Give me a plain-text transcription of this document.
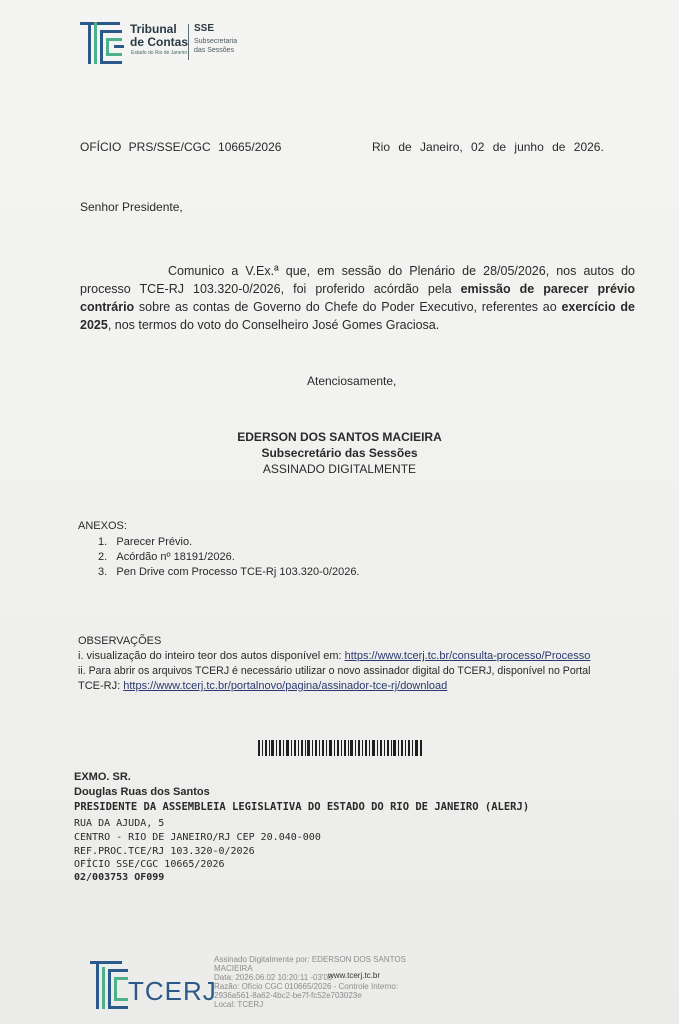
Tribunal
de Contas
Estado do Rio de Janeiro
SSE
Subsecretaria
das Sessões
OFÍCIO PRS/SSE/CGC 10665/2026	Rio de Janeiro, 02 de junho de 2026.
Senhor Presidente,

Comunico a V.Ex.ª que, em sessão do Plenário de 28/05/2026, nos autos do processo TCE-RJ 103.320-0/2026, foi proferido acórdão pela emissão de parecer prévio contrário sobre as contas de Governo do Chefe do Poder Executivo, referentes ao exercício de 2025, nos termos do voto do Conselheiro José Gomes Graciosa.

Atenciosamente,
EDERSON DOS SANTOS MACIEIRA
Subsecretário das Sessões
ASSINADO DIGITALMENTE
ANEXOS:
1. Parecer Prévio.
2. Acórdão nº 18191/2026.
3. Pen Drive com Processo TCE-Rj 103.320-0/2026.
OBSERVAÇÕES
i. visualização do inteiro teor dos autos disponível em: https://www.tcerj.tc.br/consulta-processo/Processo
ii. Para abrir os arquivos TCERJ é necessário utilizar o novo assinador digital do TCERJ, disponível no Portal
TCE-RJ: https://www.tcerj.tc.br/portalnovo/pagina/assinador-tce-rj/download
EXMO. SR.
Douglas Ruas dos Santos
PRESIDENTE DA ASSEMBLEIA LEGISLATIVA DO ESTADO DO RIO DE JANEIRO (ALERJ)
RUA DA AJUDA, 5
CENTRO - RIO DE JANEIRO/RJ CEP 20.040-000
REF.PROC.TCE/RJ 103.320-0/2026
OFÍCIO SSE/CGC 10665/2026
02/003753 OF099
TCERJ
Assinado Digitalmente por: EDERSON DOS SANTOS
MACIEIRA
Data: 2026.06.02 10:20:11 -03'00'
www.tcerj.tc.br
Razão: Ofício CGC 010665/2026 - Controle Interno:
2936a561-8a62-4bc2-be7f-fc52e703023e
Local: TCERJ
